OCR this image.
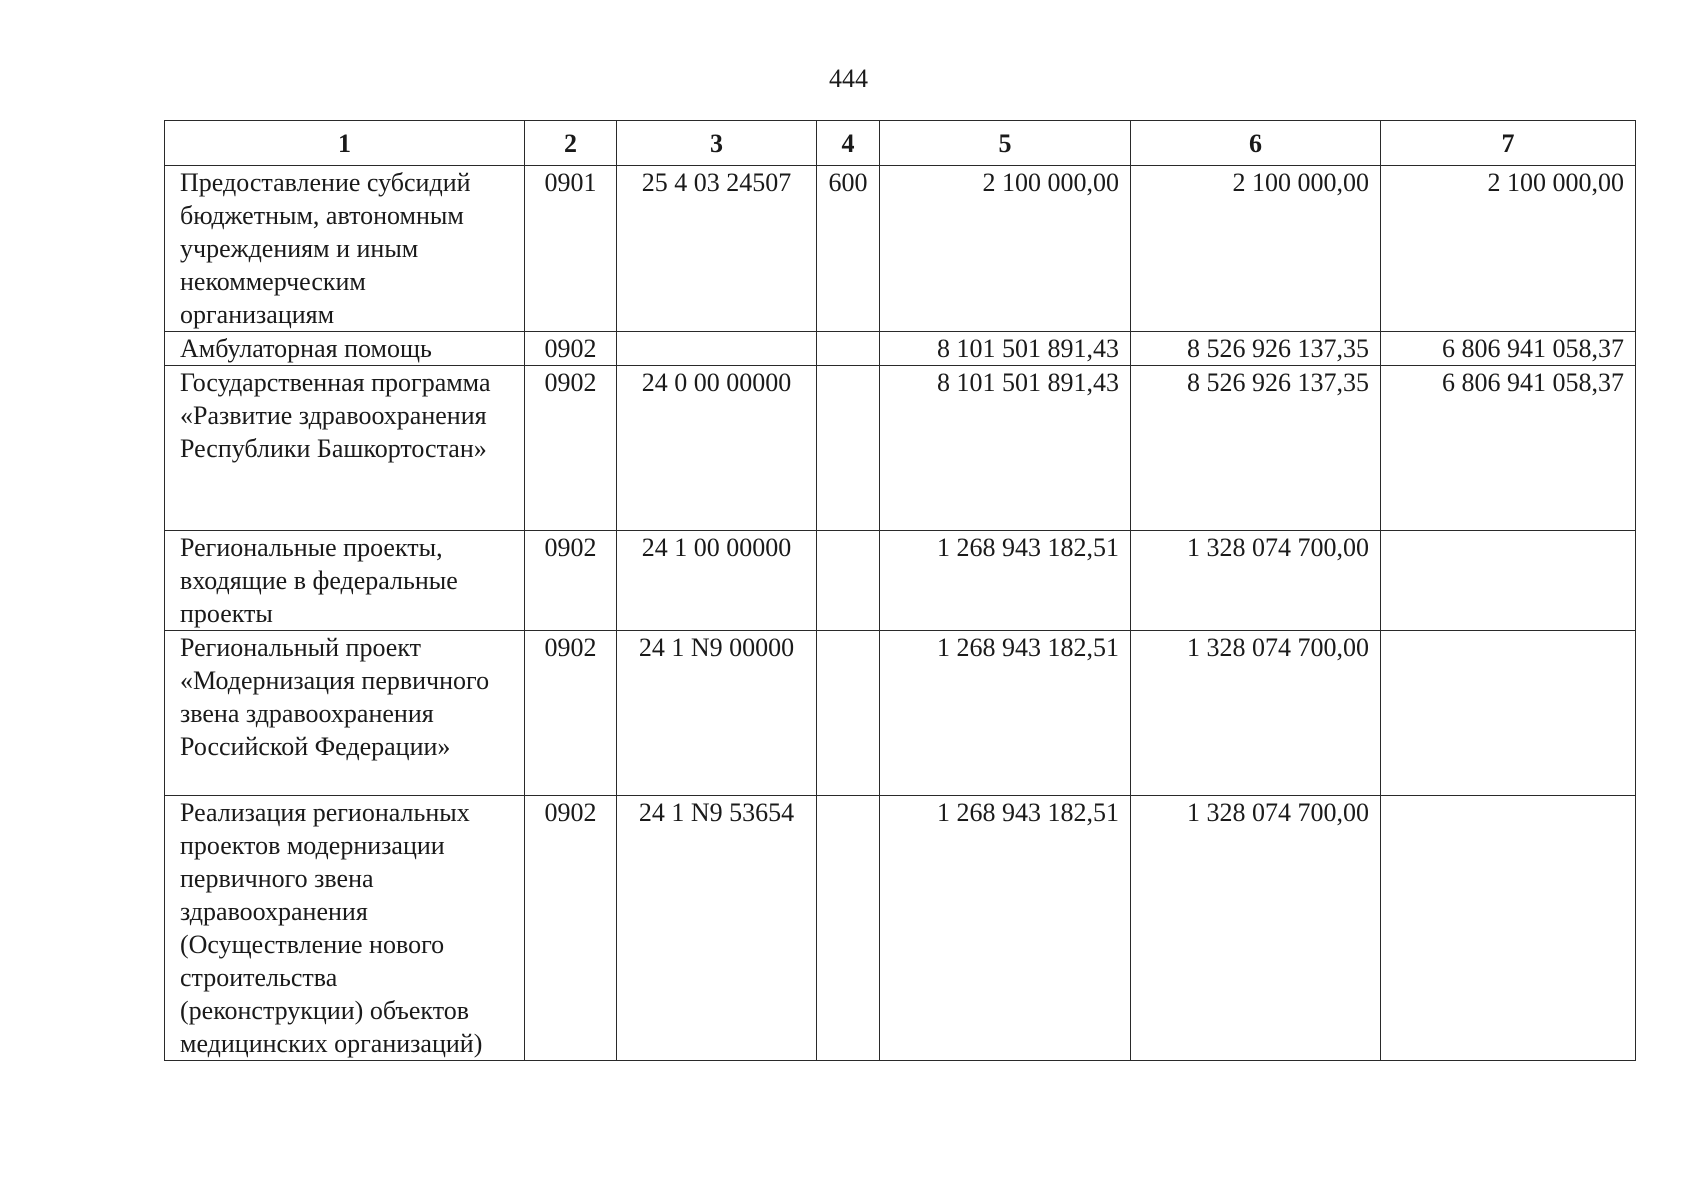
444
1	2	3	4	5	6	7
Предоставление субсидий бюджетным, автономным учреждениям и иным некоммерческим организациям	0901	25 4 03 24507	600	2 100 000,00	2 100 000,00	2 100 000,00
Амбулаторная помощь	0902			8 101 501 891,43	8 526 926 137,35	6 806 941 058,37
Государственная программа «Развитие здравоохранения Республики Башкортостан»	0902	24 0 00 00000		8 101 501 891,43	8 526 926 137,35	6 806 941 058,37
Региональные проекты, входящие в федеральные проекты	0902	24 1 00 00000		1 268 943 182,51	1 328 074 700,00	
Региональный проект «Модернизация первичного звена здравоохранения Российской Федерации»	0902	24 1 N9 00000		1 268 943 182,51	1 328 074 700,00	
Реализация региональных проектов модернизации первичного звена здравоохранения (Осуществление нового строительства (реконструкции) объектов медицинских организаций)	0902	24 1 N9 53654		1 268 943 182,51	1 328 074 700,00	
